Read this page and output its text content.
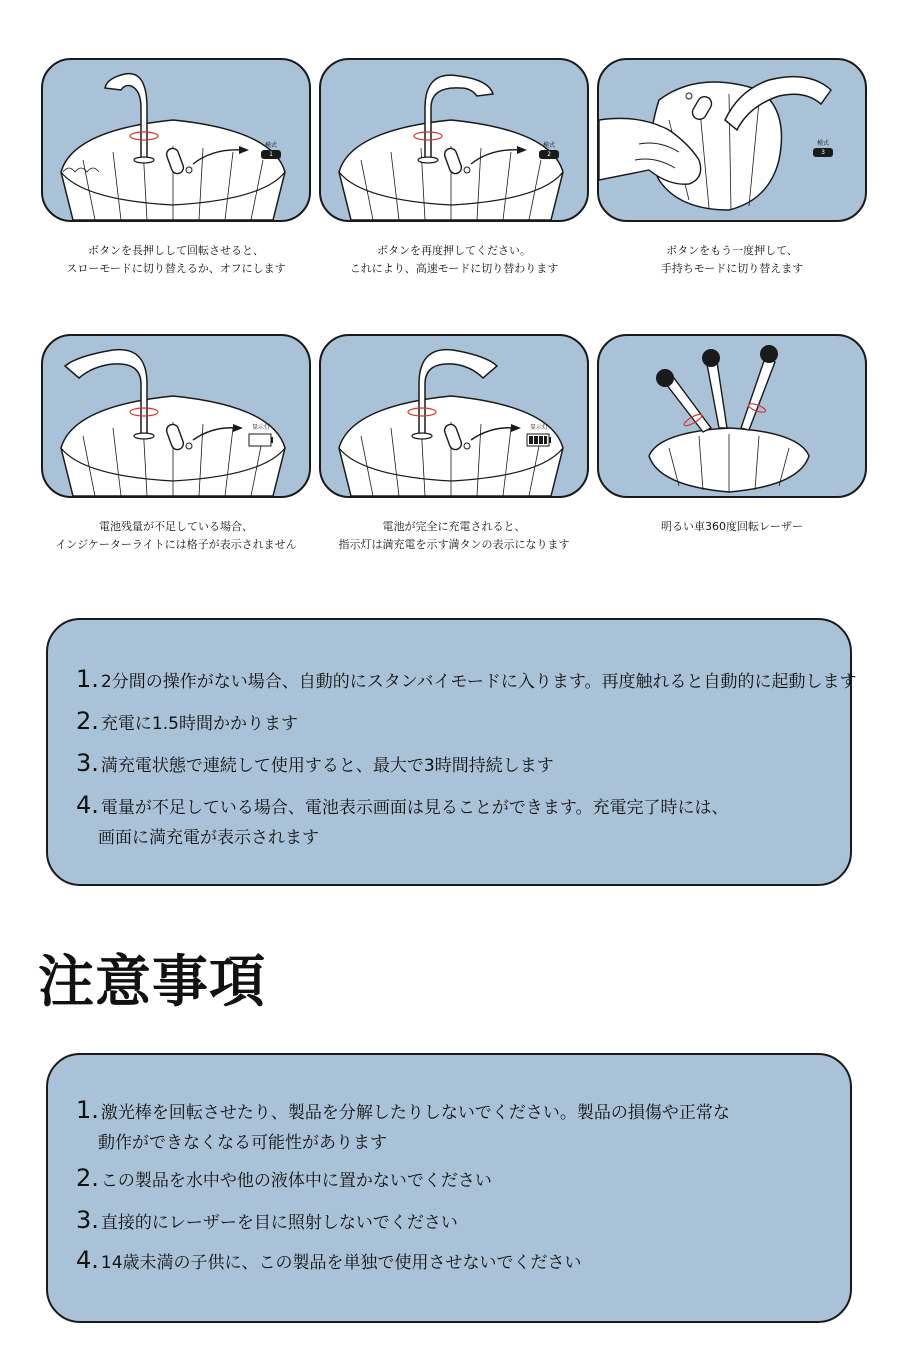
模式
1
ボタンを長押しして回転させると、
スローモードに切り替えるか、オフにします
模式
2
ボタンを再度押してください。
これにより、高速モードに切り替わります
模式
3
ボタンをもう一度押して、
手持ちモードに切り替えます
显示灯
電池残量が不足している場合、
インジケーターライトには格子が表示されません
显示灯
電池が完全に充電されると、
指示灯は満充電を示す満タンの表示になります
明るい車360度回転レーザー
1. 2分間の操作がない場合、自動的にスタンバイモードに入ります。再度触れると自動的に起動します
2. 充電に1.5時間かかります
3. 満充電状態で連続して使用すると、最大で3時間持続します
4. 電量が不足している場合、電池表示画面は見ることができます。充電完了時には、
画面に満充電が表示されます
注意事項
1. 激光棒を回転させたり、製品を分解したりしないでください。製品の損傷や正常な
動作ができなくなる可能性があります
2. この製品を水中や他の液体中に置かないでください
3. 直接的にレーザーを目に照射しないでください
4. 14歳未満の子供に、この製品を単独で使用させないでください
